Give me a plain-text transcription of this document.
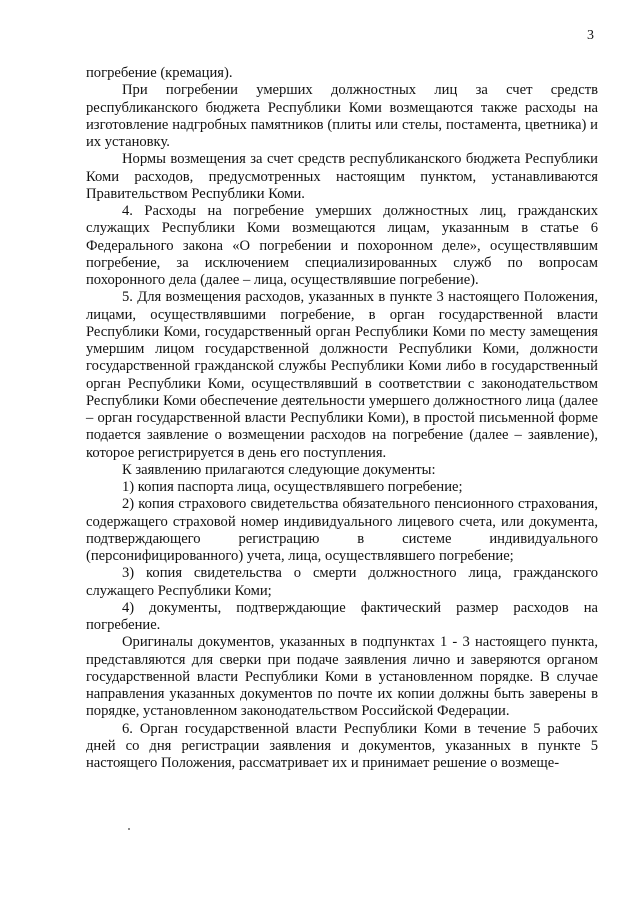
3

погребение (кремация).

При погребении умерших должностных лиц за счет средств республиканского бюджета Республики Коми возмещаются также расходы на изготовление надгробных памятников (плиты или стелы, постамента, цветника) и их установку.

Нормы возмещения за счет средств республиканского бюджета Республики Коми расходов, предусмотренных настоящим пунктом, устанавливаются Правительством Республики Коми.

4. Расходы на погребение умерших должностных лиц, гражданских служащих Республики Коми возмещаются лицам, указанным в статье 6 Федерального закона «О погребении и похоронном деле», осуществлявшим погребение, за исключением специализированных служб по вопросам похоронного дела (далее – лица, осуществлявшие погребение).

5. Для возмещения расходов, указанных в пункте 3 настоящего Положения, лицами, осуществлявшими погребение, в орган государственной власти Республики Коми, государственный орган Республики Коми по месту замещения умершим лицом государственной должности Республики Коми, должности государственной гражданской службы Республики Коми либо в государственный орган Республики Коми, осуществлявший в соответствии с законодательством Республики Коми обеспечение деятельности умершего должностного лица (далее – орган государственной власти Республики Коми), в простой письменной форме подается заявление о возмещении расходов на погребение (далее – заявление), которое регистрируется в день его поступления.

К заявлению прилагаются следующие документы:

1) копия паспорта лица, осуществлявшего погребение;

2) копия страхового свидетельства обязательного пенсионного страхования, содержащего страховой номер индивидуального лицевого счета, или документа, подтверждающего регистрацию в системе индивидуального (персонифицированного) учета, лица, осуществлявшего погребение;

3) копия свидетельства о смерти должностного лица, гражданского служащего Республики Коми;

4) документы, подтверждающие фактический размер расходов на погребение.

Оригиналы документов, указанных в подпунктах 1 - 3 настоящего пункта, представляются для сверки при подаче заявления лично и заверяются органом государственной власти Республики Коми в установленном порядке. В случае направления указанных документов по почте их копии должны быть заверены в порядке, установленном законодательством Российской Федерации.

6. Орган государственной власти Республики Коми в течение 5 рабочих дней со дня регистрации заявления и документов, указанных в пункте 5 настоящего Положения, рассматривает их и принимает решение о возмеще-
